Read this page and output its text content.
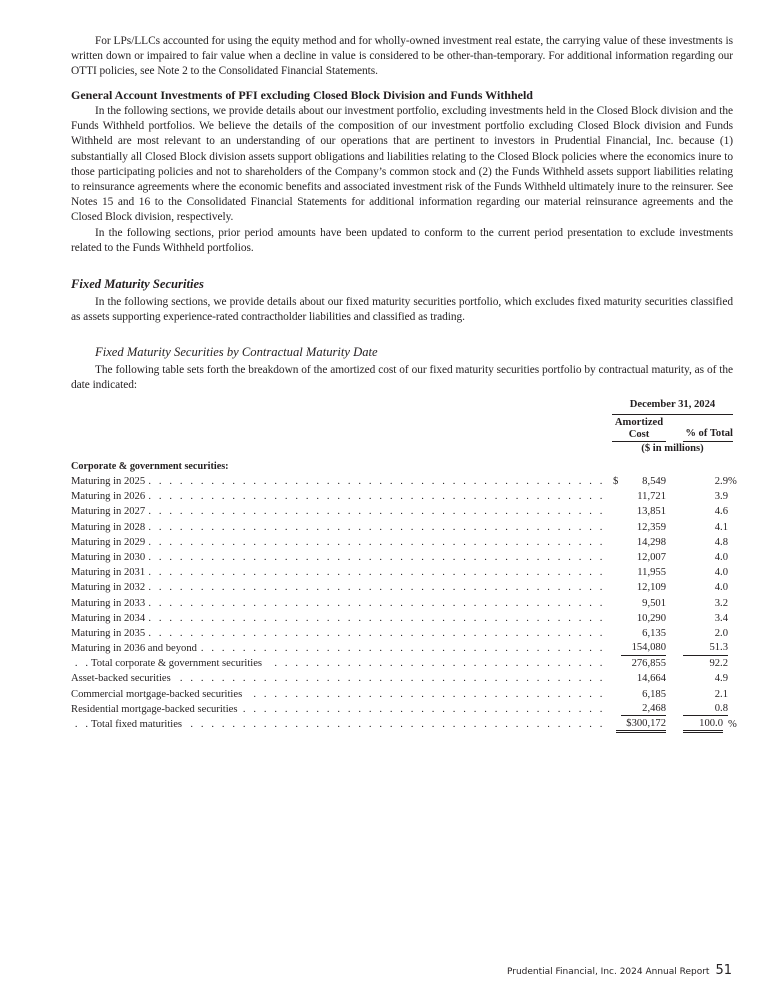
For LPs/LLCs accounted for using the equity method and for wholly-owned investment real estate, the carrying value of these investments is written down or impaired to fair value when a decline in value is considered to be other-than-temporary. For additional information regarding our OTTI policies, see Note 2 to the Consolidated Financial Statements.

General Account Investments of PFI excluding Closed Block Division and Funds Withheld

In the following sections, we provide details about our investment portfolio, excluding investments held in the Closed Block division and the Funds Withheld portfolios. We believe the details of the composition of our investment portfolio excluding Closed Block division and Funds Withheld are most relevant to an understanding of our operations that are pertinent to investors in Prudential Financial, Inc. because (1) substantially all Closed Block division assets support obligations and liabilities relating to the Closed Block policies where the economics inure to those participating policies and not to shareholders of the Company’s common stock and (2) the Funds Withheld assets support liabilities relating to reinsurance agreements where the economic benefits and associated investment risk of the Funds Withheld ultimately inure to the reinsurer. See Notes 15 and 16 to the Consolidated Financial Statements for additional information regarding our material reinsurance agreements and the Closed Block division, respectively.

In the following sections, prior period amounts have been updated to conform to the current period presentation to exclude investments related to the Funds Withheld portfolios.

Fixed Maturity Securities

In the following sections, we provide details about our fixed maturity securities portfolio, which excludes fixed maturity securities classified as assets supporting experience-rated contractholder liabilities and classified as trading.

Fixed Maturity Securities by Contractual Maturity Date

The following table sets forth the breakdown of the amortized cost of our fixed maturity securities portfolio by contractual maturity, as of the date indicated:

December 31, 2024
Amortized
Cost	% of Total
($ in millions)
Corporate & government securities:
Maturing in 2025 . . .	$	8,549	2.9 %
Maturing in 2026 . . .	11,721	3.9
Maturing in 2027 . . .	13,851	4.6
Maturing in 2028 . . .	12,359	4.1
Maturing in 2029 . . .	14,298	4.8
Maturing in 2030 . . .	12,007	4.0
Maturing in 2031 . . .	11,955	4.0
Maturing in 2032 . . .	12,109	4.0
Maturing in 2033 . . .	9,501	3.2
Maturing in 2034 . . .	10,290	3.4
Maturing in 2035 . . .	6,135	2.0
Maturing in 2036 and beyond . . .	154,080	51.3
Total corporate & government securities . . .	276,855	92.2
Asset-backed securities . . .	14,664	4.9
Commercial mortgage-backed securities . . .	6,185	2.1
Residential mortgage-backed securities . . .	2,468	0.8
Total fixed maturities . . .	$300,172	100.0 %
Prudential Financial, Inc. 2024 Annual Report 51
